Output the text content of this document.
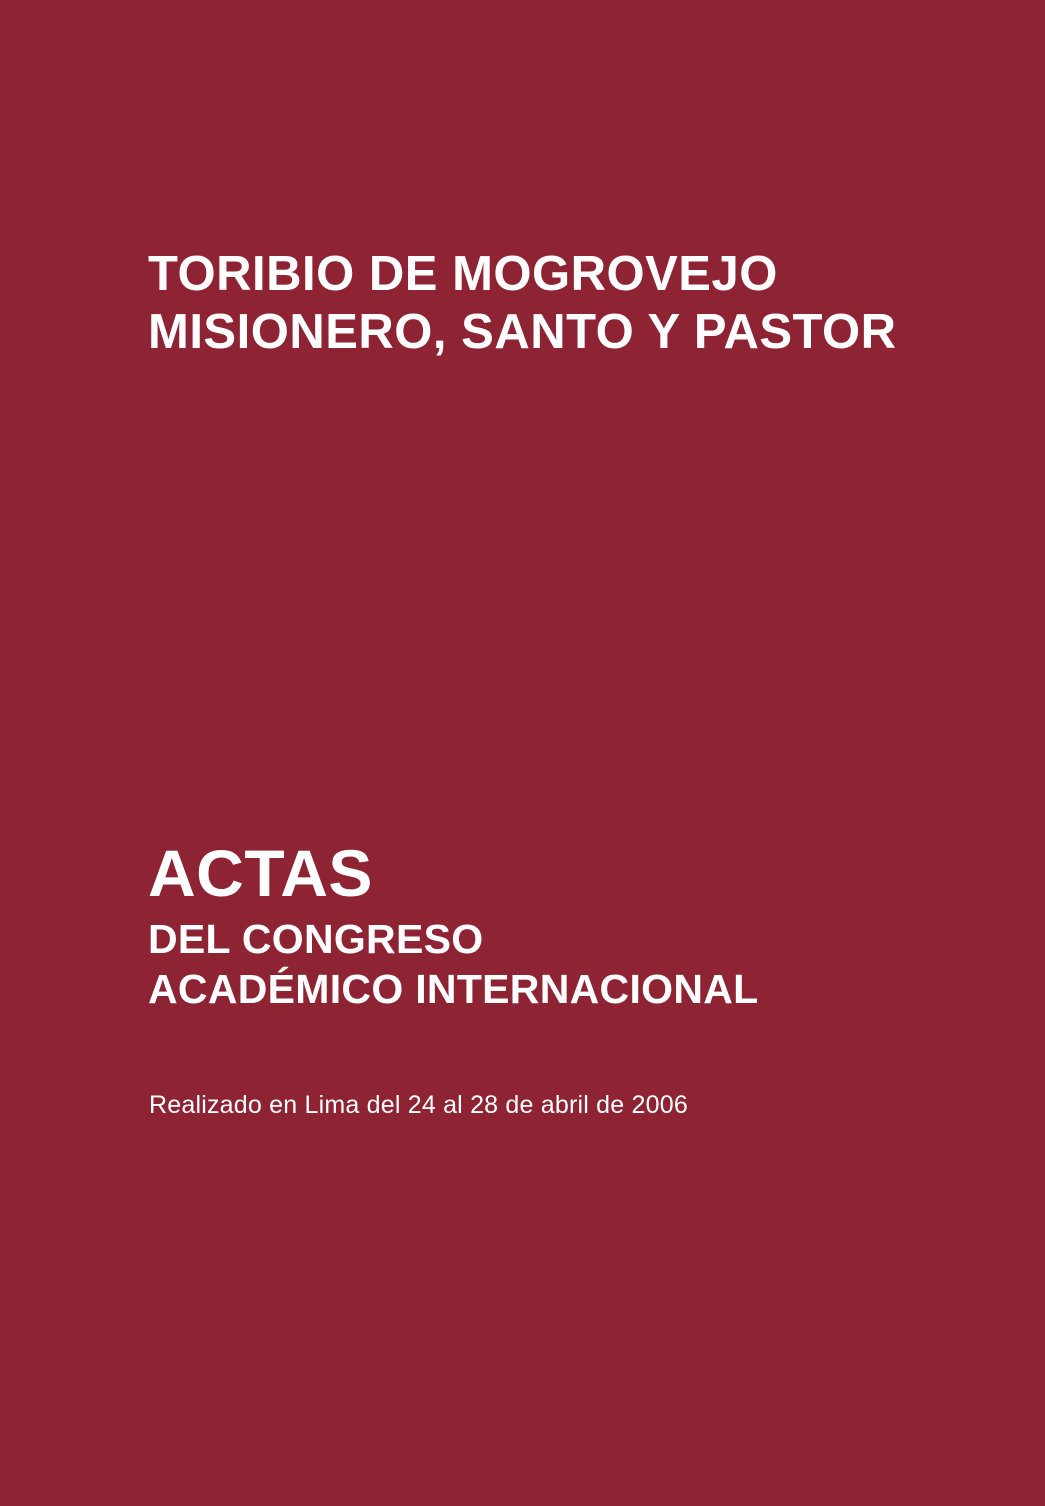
TORIBIO DE MOGROVEJO
MISIONERO, SANTO Y PASTOR
ACTAS
DEL CONGRESO
ACADÉMICO INTERNACIONAL
Realizado en Lima del 24 al 28 de abril de 2006
